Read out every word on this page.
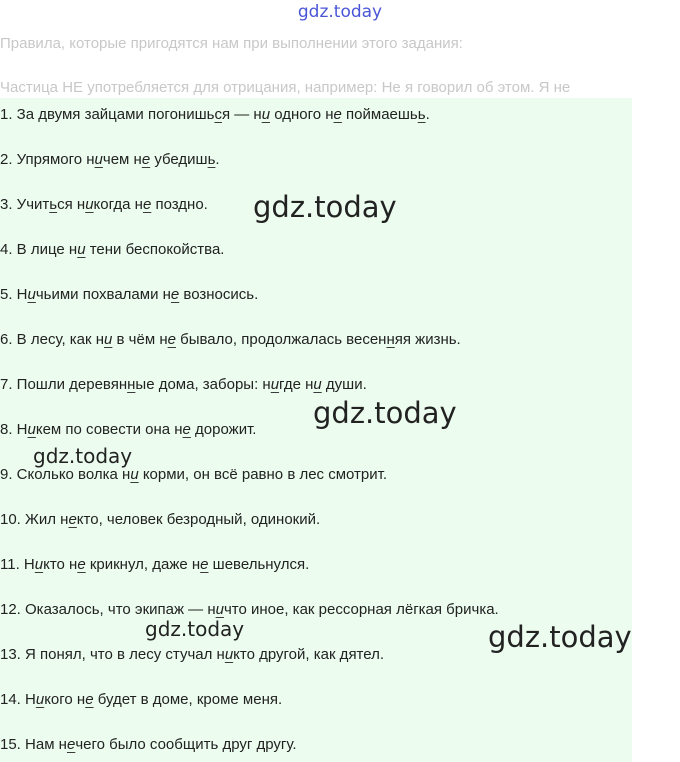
gdz.today
Правила, которые пригодятся нам при выполнении этого задания:
Частица НЕ употребляется для отрицания, например: Не я говорил об этом. Я не
1. За двумя зайцами погонишься — ни одного не поймаешьь.
2. Упрямого ничем не убедишь.
3. Учиться никогда не поздно.
4. В лице ни тени беспокойства.
5. Ничьими похвалами не возносись.
6. В лесу, как ни в чём не бывало, продолжалась весенняя жизнь.
7. Пошли деревянные дома, заборы: нигде ни души.
8. Никем по совести она не дорожит.
9. Сколько волка ни корми, он всё равно в лес смотрит.
10. Жил некто, человек безродный, одинокий.
11. Никто не крикнул, даже не шевельнулся.
12. Оказалось, что экипаж — ничто иное, как рессорная лёгкая бричка.
13. Я понял, что в лесу стучал никто другой, как дятел.
14. Никого не будет в доме, кроме меня.
15. Нам нечего было сообщить друг другу.
gdz.today
gdz.today
gdz.today
gdz.today	gdz.today
